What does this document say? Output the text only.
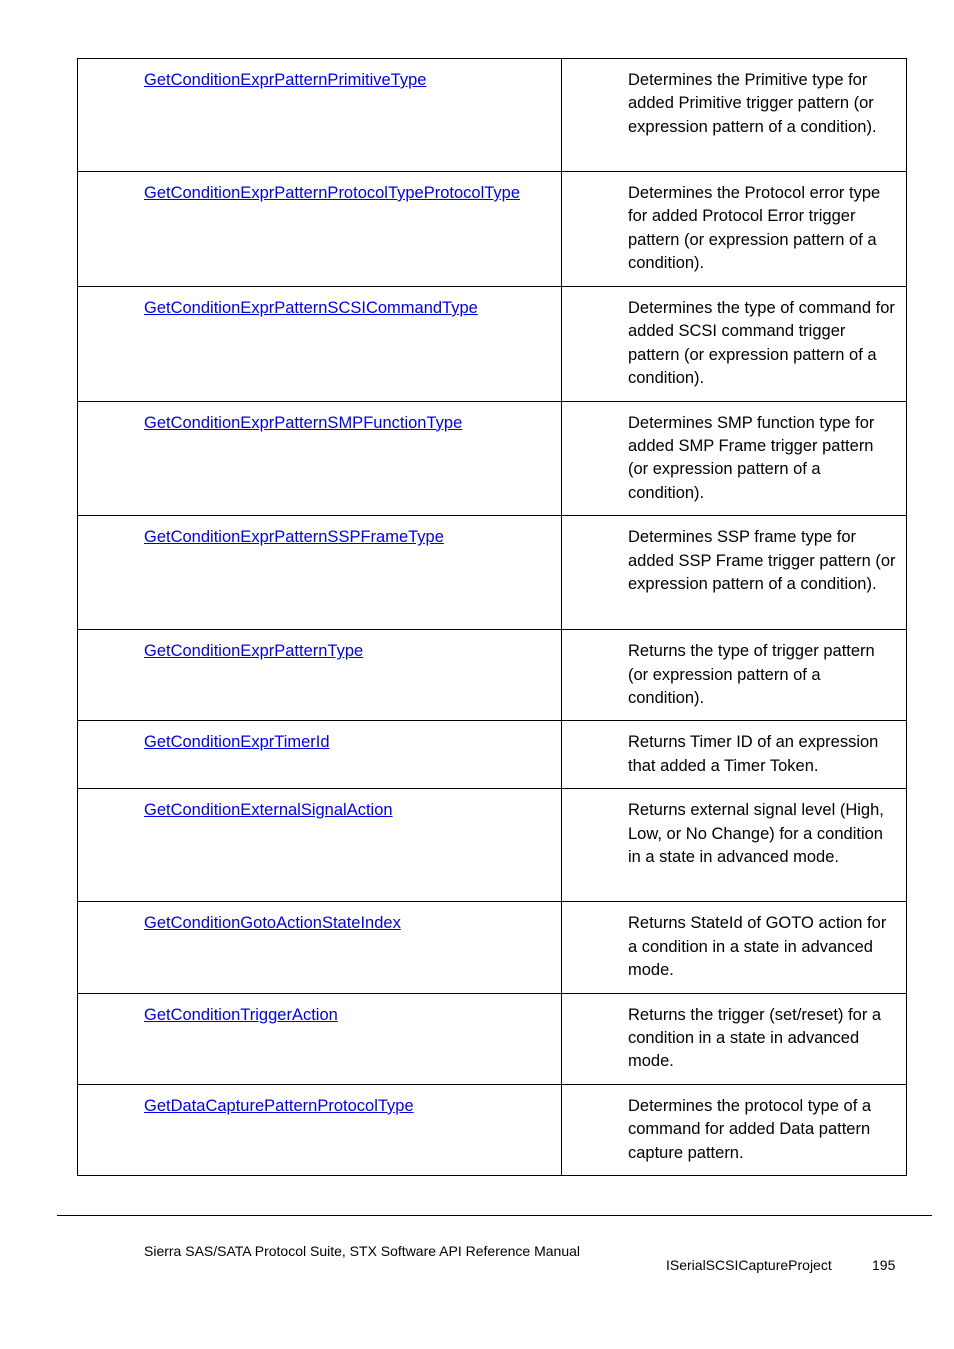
GetConditionExprPatternPrimitiveType	Determines the Primitive type for added Primitive trigger pattern (or expression pattern of a condition).
GetConditionExprPatternProtocolTypeProtocolType	Determines the Protocol error type for added Protocol Error trigger pattern (or expression pattern of a condition).
GetConditionExprPatternSCSICommandType	Determines the type of command for added SCSI command trigger pattern (or expression pattern of a condition).
GetConditionExprPatternSMPFunctionType	Determines SMP function type for added SMP Frame trigger pattern (or expression pattern of a condition).
GetConditionExprPatternSSPFrameType	Determines SSP frame type for added SSP Frame trigger pattern (or expression pattern of a condition).
GetConditionExprPatternType	Returns the type of trigger pattern (or expression pattern of a condition).
GetConditionExprTimerId	Returns Timer ID of an expression that added a Timer Token.
GetConditionExternalSignalAction	Returns external signal level (High, Low, or No Change) for a condition in a state in advanced mode.
GetConditionGotoActionStateIndex	Returns StateId of GOTO action for a condition in a state in advanced mode.
GetConditionTriggerAction	Returns the trigger (set/reset) for a condition in a state in advanced mode.
GetDataCapturePatternProtocolType	Determines the protocol type of a command for added Data pattern capture pattern.
Sierra SAS/SATA Protocol Suite, STX Software API Reference Manual
ISerialSCSICaptureProject	195
